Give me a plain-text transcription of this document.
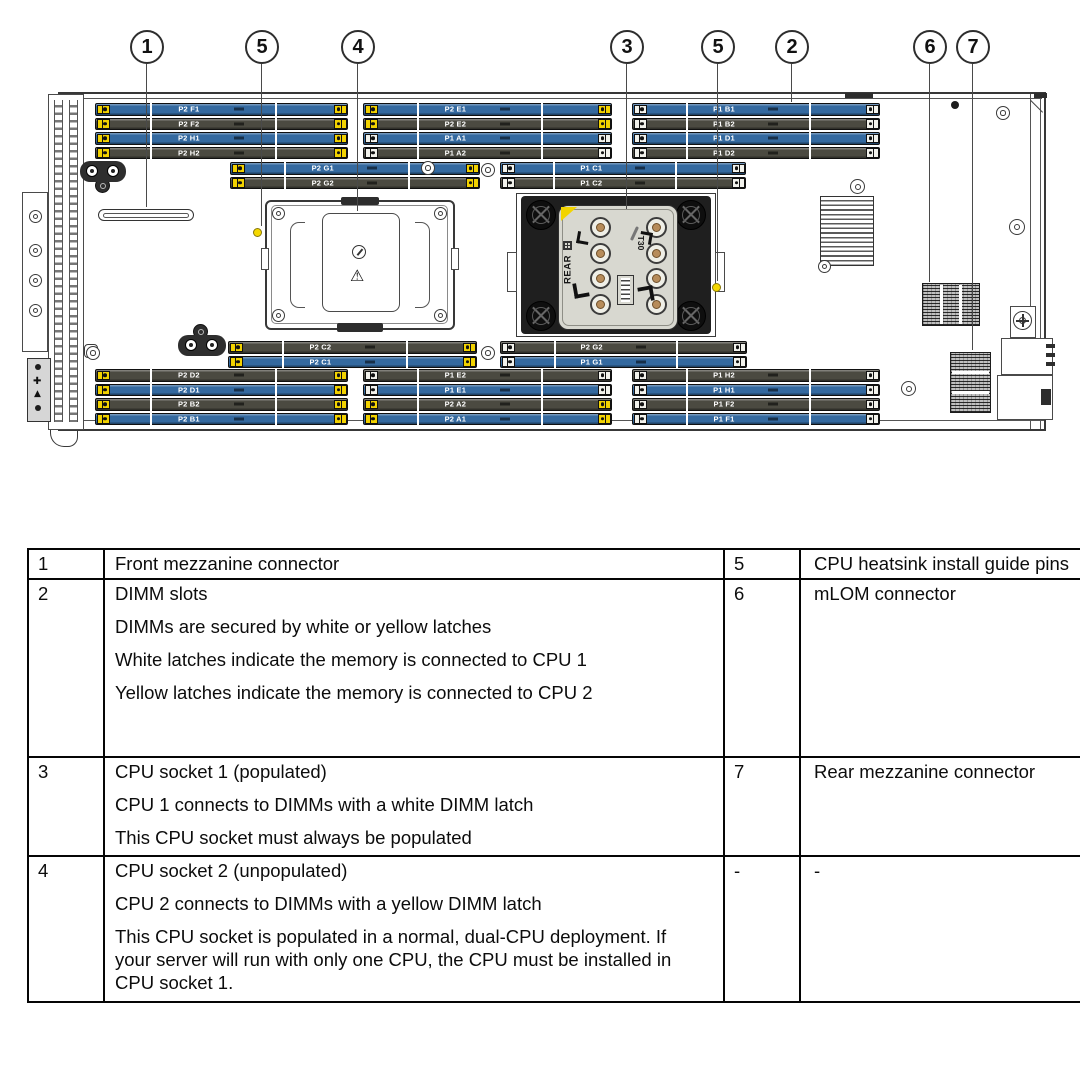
✚
▲
⚠	REAR
T30
1	5	4	3	5	2	6	7
P2 F1
P2 F2
P2 H1
P2 H2
P2 E1
P2 E2
P1 A1
P1 A2
P1 B1
P1 B2
P1 D1
P1 D2
P2 G1
P2 G2
P1 C1
P1 C2
P2 C2
P2 C1
P2 G2
P1 G1
P2 D2
P2 D1
P2 B2
P2 B1
P1 E2
P1 E1
P2 A2
P2 A1
P1 H2
P1 H1
P1 F2
P1 F1
1	Front mezzanine connector	5	CPU heatsink install guide pins

2	DIMM slots

DIMMs are secured by white or yellow latches

White latches indicate the memory is connected to CPU 1

Yellow latches indicate the memory is connected to CPU 2	6	mLOM connector

3	CPU socket 1 (populated)

CPU 1 connects to DIMMs with a white DIMM latch

This CPU socket must always be populated	7	Rear mezzanine connector

4	CPU socket 2 (unpopulated)

CPU 2 connects to DIMMs with a yellow DIMM latch

This CPU socket is populated in a normal, dual-CPU deployment. If your server will run with only one CPU, the CPU must be installed in CPU socket 1.	-	-
